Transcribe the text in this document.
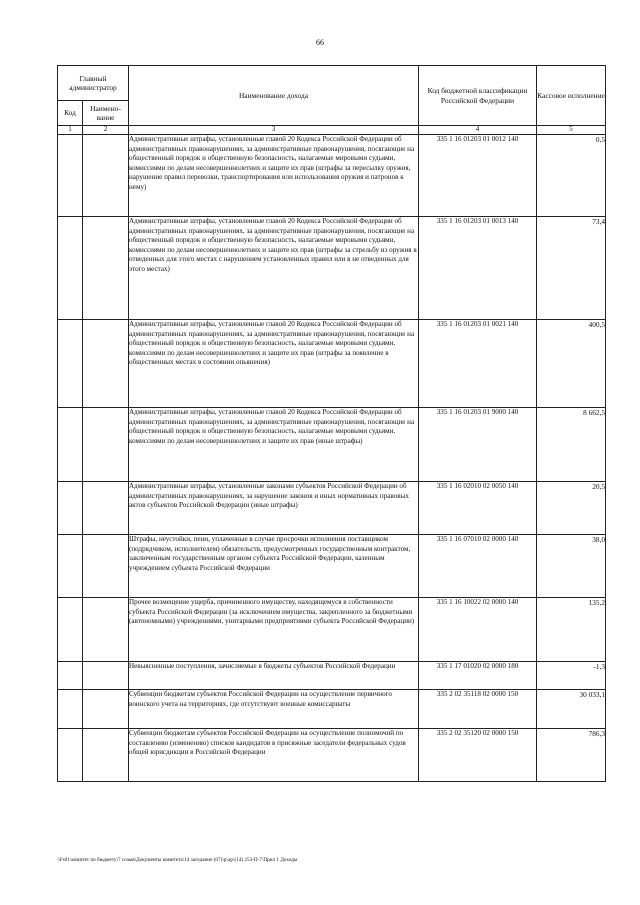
66
Главный администратор		Наименование дохода	Код бюджетной классификации Российской Федерации	Кассовое исполнение
Код	Наимено-вание			
1	2	3	4	5
		Административные штрафы, установленные главой 20 Кодекса Российской Федерации об административных правонарушениях, за административные правонарушения, посягающие на общественный порядок и общественную безопасность, налагаемые мировыми судьями, комиссиями по делам несовершеннолетних и защите их прав (штрафы за пересылку оружия, нарушение правил перевозки, транспортирования или использования оружия и патронов к нему)	335 1 16 01203 01 0012 140	0,5
		Административные штрафы, установленные главой 20 Кодекса Российской Федерации об административных правонарушениях, за административные правонарушения, посягающие на общественный порядок и общественную безопасность, налагаемые мировыми судьями, комиссиями по делам несовершеннолетних и защите их прав (штрафы за стрельбу из оружия в отведенных для этого местах с нарушением установленных правил или в не отведенных для этого местах)	335 1 16 01203 01 0013 140	73,4
		Административные штрафы, установленные главой 20 Кодекса Российской Федерации об административных правонарушениях, за административные правонарушения, посягающие на общественный порядок и общественную безопасность, налагаемые мировыми судьями, комиссиями по делам несовершеннолетних и защите их прав (штрафы за появление в общественных местах в состоянии опьянения)	335 1 16 01203 01 0021 140	400,5
		Административные штрафы, установленные главой 20 Кодекса Российской Федерации об административных правонарушениях, за административные правонарушения, посягающие на общественный порядок и общественную безопасность, налагаемые мировыми судьями, комиссиями по делам несовершеннолетних и защите их прав (иные штрафы)	335 1 16 01203 01 9000 140	8 662,5
		Административные штрафы, установленные законами субъектов Российской Федерации об административных правонарушениях, за нарушение законов и иных нормативных правовых актов субъектов Российской Федерации (иные штрафы)	335 1 16 02010 02 0050 140	20,5
		Штрафы, неустойки, пени, уплаченные в случае просрочки исполнения поставщиком (подрядчиком, исполнителем) обязательств, предусмотренных государственным контрактом, заключенным государственным органом субъекта Российской Федерации, казенным учреждением субъекта Российской Федерации	335 1 16 07010 02 0000 140	38,0
		Прочее возмещение ущерба, причиненного имуществу, находящемуся в собственности субъекта Российской Федерации (за исключением имущества, закрепленного за бюджетными (автономными) учреждениями, унитарными предприятиями субъекта Российской Федерации)	335 1 16 10022 02 0000 140	135,2
		Невыясненные поступления, зачисляемые в бюджеты субъектов Российской Федерации	335 1 17 01020 02 0000 180	-1,3
		Субвенции бюджетам субъектов Российской Федерации на осуществление первичного воинского учета на территориях, где отсутствуют военные комиссариаты	335 2 02 35118 02 0000 150	30 033,1
		Субвенции бюджетам субъектов Российской Федерации на осуществление полномочий по составлению (изменению) списков кандидатов в присяжные заседатели федеральных судов общей юрисдикции в Российской Федерации	335 2 02 35120 02 0000 150	786,3
\\Fs01\комитет по бюджету\7 созыв\Документы комитета\14 заседание (07)\р\др\(14) 253-П-7\Прил 1 Доходы
